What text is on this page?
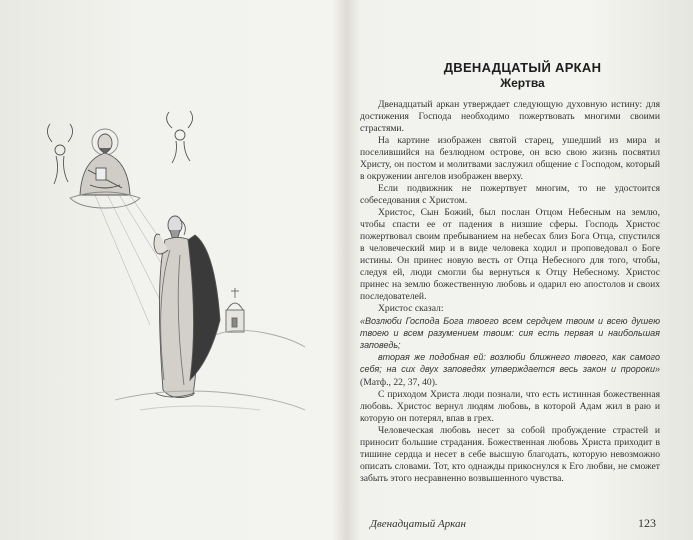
ДВЕНАДЦАТЫЙ АРКАН
Жертва

Двенадцатый аркан утверждает следующую духовную истину: для достижения Господа необходимо пожертвовать многими своими страстями.

На картине изображен святой старец, ушедший из мира и поселившийся на безлюдном острове, он всю свою жизнь посвятил Христу, он постом и молитвами заслужил общение с Господом, который в окружении ангелов изображен вверху.

Если подвижник не пожертвует многим, то не удостоится собеседования с Христом.

Христос, Сын Божий, был послан Отцом Небесным на землю, чтобы спасти ее от падения в низшие сферы. Господь Христос пожертвовал своим пребыванием на небесах близ Бога Отца, спустился в человеческий мир и в виде человека ходил и проповедовал о Боге истины. Он принес новую весть от Отца Небесного для того, чтобы, следуя ей, люди смогли бы вернуться к Отцу Небесному. Христос принес на землю божественную любовь и одарил ею апостолов и своих последователей.

Христос сказал:

«Возлюби Господа Бога твоего всем сердцем твоим и всею душею твоею и всем разумением твоим: сия есть первая и наибольшая заповедь;

вторая же подобная ей: возлюби ближнего твоего, как самого себя; на сих двух заповедях утверждается весь закон и пророки» (Матф., 22, 37, 40).

С приходом Христа люди познали, что есть истинная божественная любовь. Христос вернул людям любовь, в которой Адам жил в раю и которую он потерял, впав в грех.

Человеческая любовь несет за собой пробуждение страстей и приносит большие страдания. Божественная любовь Христа приходит в тишине сердца и несет в себе высшую благодать, которую невозможно описать словами. Тот, кто однажды прикоснулся к Его любви, не сможет забыть этого несравненно возвышенного чувства.

Двенадцатый Аркан	123
